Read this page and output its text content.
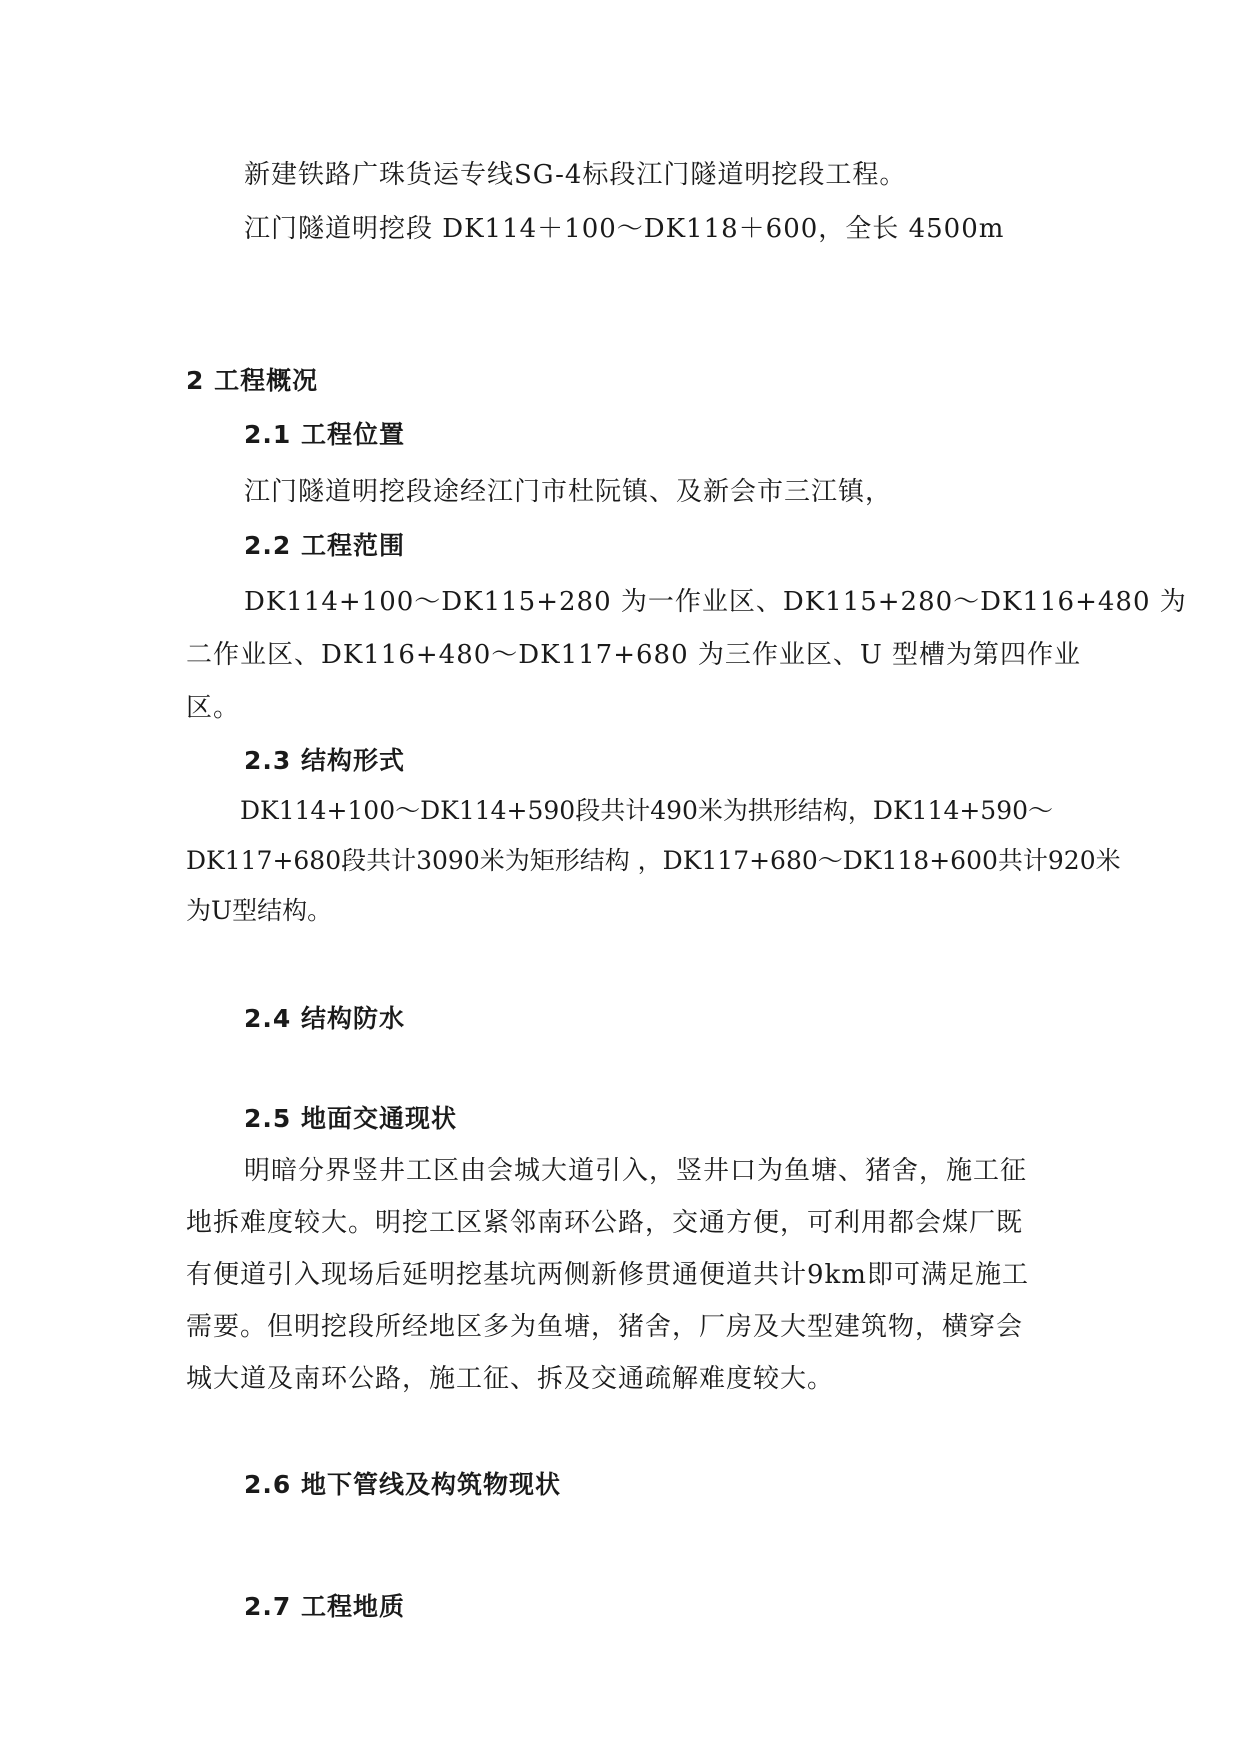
新建铁路广珠货运专线SG-4标段江门隧道明挖段工程。
江门隧道明挖段 DK114＋100～DK118＋600，全长 4500m
2 工程概况
2.1 工程位置
江门隧道明挖段途经江门市杜阮镇、及新会市三江镇，
2.2 工程范围
DK114+100～DK115+280 为一作业区、DK115+280～DK116+480 为
二作业区、DK116+480～DK117+680 为三作业区、U 型槽为第四作业
区。
2.3 结构形式
DK114+100～DK114+590段共计490米为拱形结构，DK114+590～
DK117+680段共计3090米为矩形结构 ，DK117+680～DK118+600共计920米
为U型结构。
2.4 结构防水
2.5 地面交通现状
明暗分界竖井工区由会城大道引入，竖井口为鱼塘、猪舍，施工征
地拆难度较大。明挖工区紧邻南环公路，交通方便，可利用都会煤厂既
有便道引入现场后延明挖基坑两侧新修贯通便道共计9km即可满足施工
需要。但明挖段所经地区多为鱼塘，猪舍，厂房及大型建筑物，横穿会
城大道及南环公路，施工征、拆及交通疏解难度较大。
2.6 地下管线及构筑物现状
2.7 工程地质
